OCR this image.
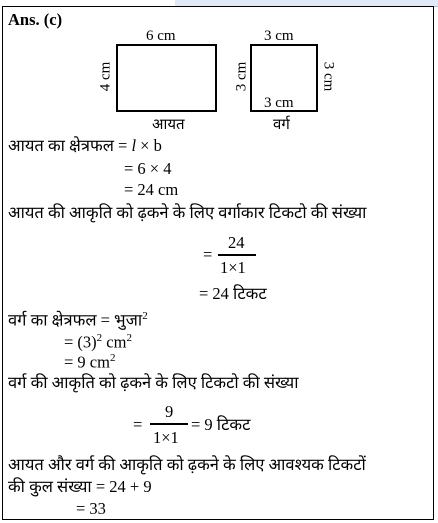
Ans. (c)
6 cm
4 cm
आयत
3 cm
3 cm	3 cm
3 cm
वर्ग
आयत का क्षेत्रफल = l × b
= 6 × 4
= 24 cm
आयत की आकृति को ढ़कने के लिए वर्गाकार टिकटो की संख्या
=
24
1×1
= 24 टिकट
वर्ग का क्षेत्रफल = भुजा$^2$
= $(3)^2$ $cm^2$
= 9 $cm^2$
वर्ग की आकृति को ढ़कने के लिए टिकटो की संख्या
=
9
1×1
= 9 टिकट
आयत और वर्ग की आकृति को ढ़कने के लिए आवश्यक टिकटों
की कुल संख्या = 24 + 9
= 33
